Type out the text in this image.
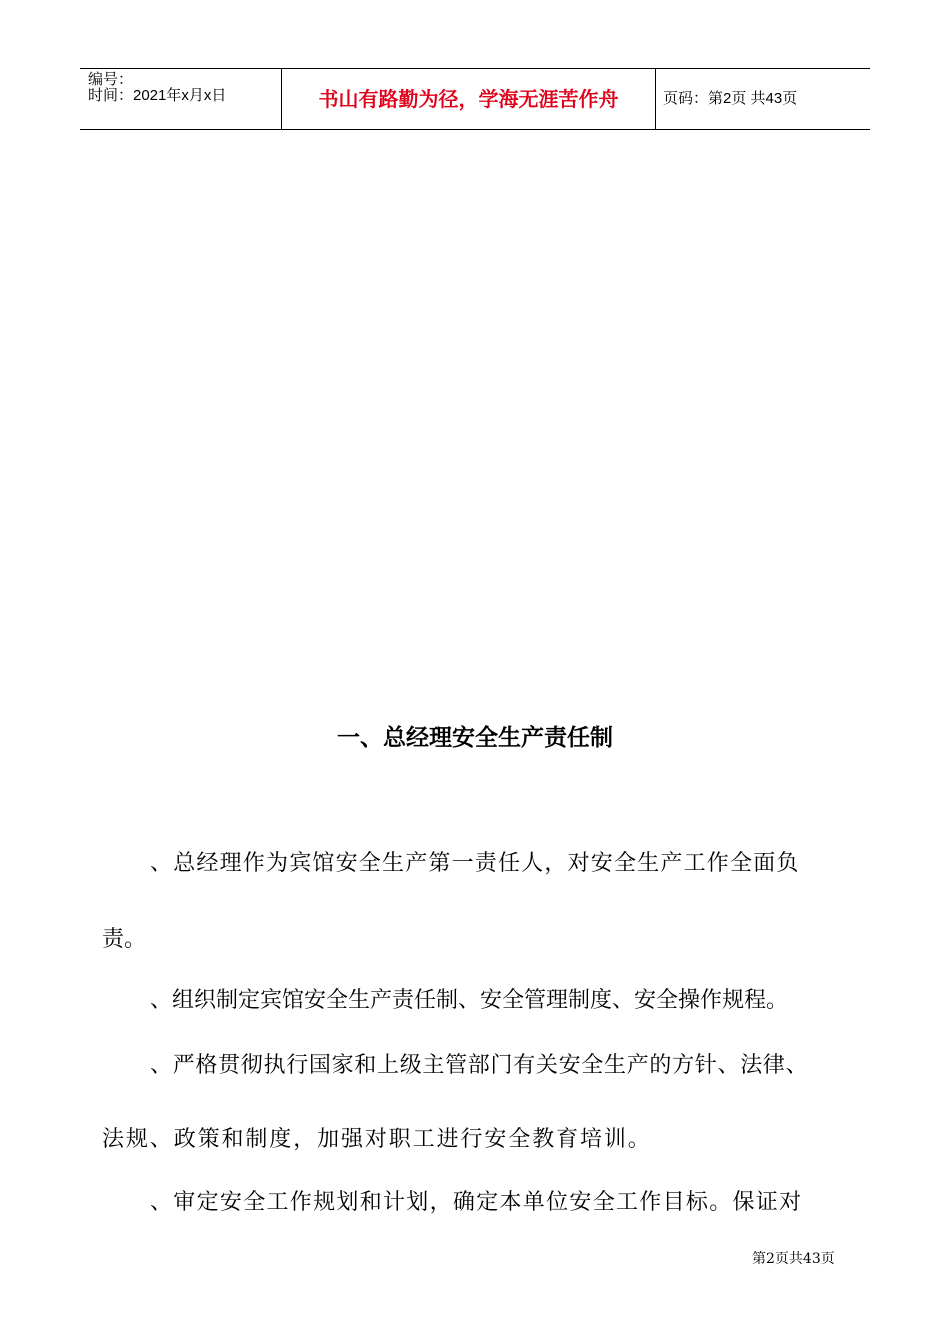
编号：
时间：2021年x月x日	书山有路勤为径，学海无涯苦作舟	页码：第2页 共43页
一、总经理安全生产责任制
、总经理作为宾馆安全生产第一责任人，对安全生产工作全面负
责。
、组织制定宾馆安全生产责任制、安全管理制度、安全操作规程。
、严格贯彻执行国家和上级主管部门有关安全生产的方针、法律、
法规、政策和制度，加强对职工进行安全教育培训。
、审定安全工作规划和计划，确定本单位安全工作目标。保证对
第2页共43页
